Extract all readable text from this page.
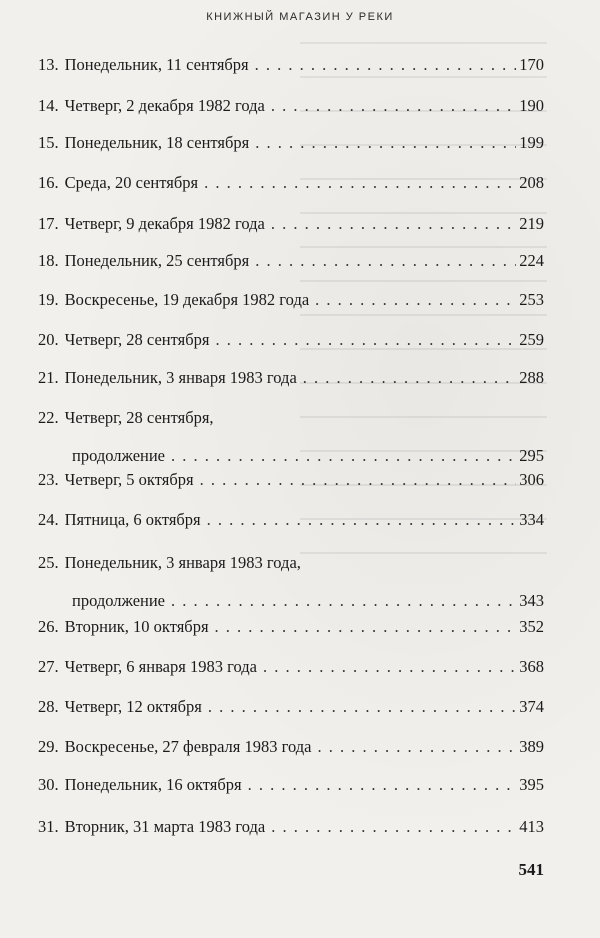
КНИЖНЫЙ МАГАЗИН У РЕКИ
13. Понедельник, 11 сентября . . .	170
14. Четверг, 2 декабря 1982 года . . .	190
15. Понедельник, 18 сентября . . .	199
16. Среда, 20 сентября . . .	208
17. Четверг, 9 декабря 1982 года . . .	219
18. Понедельник, 25 сентября . . .	224
19. Воскресенье, 19 декабря 1982 года . . .	253
20. Четверг, 28 сентября . . .	259
21. Понедельник, 3 января 1983 года . . .	288
22. Четверг, 28 сентября,
продолжение . . .	295
23. Четверг, 5 октября . . .	306
24. Пятница, 6 октября . . .	334
25. Понедельник, 3 января 1983 года,
продолжение . . .	343
26. Вторник, 10 октября . . .	352
27. Четверг, 6 января 1983 года . . .	368
28. Четверг, 12 октября . . .	374
29. Воскресенье, 27 февраля 1983 года . . .	389
30. Понедельник, 16 октября . . .	395
31. Вторник, 31 марта 1983 года . . .	413
541
